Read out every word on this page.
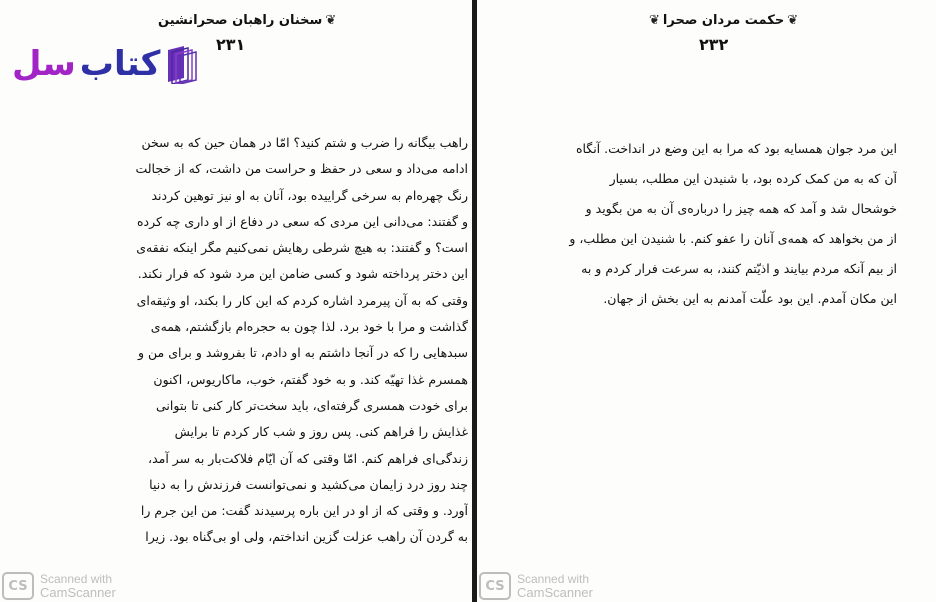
❦
سخنان راهبان صحرانشین
۲۳۱
کتاب
سل
راهب بیگانه را ضرب و شتم کنید؟ امّا در همان حین که به سخن
ادامه می‌داد و سعی در حفظ و حراست من داشت، که از خجالت
رنگ چهره‌ام به سرخی گراییده بود، آنان به او نیز توهین کردند
و گفتند: می‌دانی این مردی که سعی در دفاع از او داری چه کرده
است؟ و گفتند: به هیچ شرطی رهایش نمی‌کنیم مگر اینکه نفقه‌ی
این دختر پرداخته شود و کسی ضامن این مرد شود که فرار نکند.
وقتی که به آن پیرمرد اشاره کردم که این کار را بکند، او وثیقه‌ای
گذاشت و مرا با خود برد. لذا چون به حجره‌ام بازگشتم، همه‌ی
سبدهایی را که در آنجا داشتم به او دادم، تا بفروشد و برای من و
همسرم غذا تهیّه کند. و به خود گفتم، خوب، ماکاریوس، اکنون
برای خودت همسری گرفته‌ای، باید سخت‌تر کار کنی تا بتوانی
غذایش را فراهم کنی. پس روز و شب کار کردم تا برایش
زندگی‌ای فراهم کنم. امّا وقتی که آن ایّام فلاکت‌بار به سر آمد،
چند روز درد زایمان می‌کشید و نمی‌توانست فرزندش را به دنیا
آورد. و وقتی که از او در این باره پرسیدند گفت: من این جرم را
به گردن آن راهب عزلت گزین انداختم، ولی او بی‌گناه بود. زیرا
CS	Scanned with
CamScanner
❦
حکمت مردان صحرا
❦
۲۳۲
این مرد جوان همسایه بود که مرا به این وضع در انداخت. آنگاه
آن که به من کمک کرده بود، با شنیدن این مطلب، بسیار
خوشحال شد و آمد که همه چیز را درباره‌ی آن به من بگوید و
از من بخواهد که همه‌ی آنان را عفو کنم. با شنیدن این مطلب، و
از بیم آنکه مردم بیایند و اذیّتم کنند، به سرعت فرار کردم و به
این مکان آمدم. این بود علّت آمدنم به این بخش از جهان.
CS	Scanned with
CamScanner
